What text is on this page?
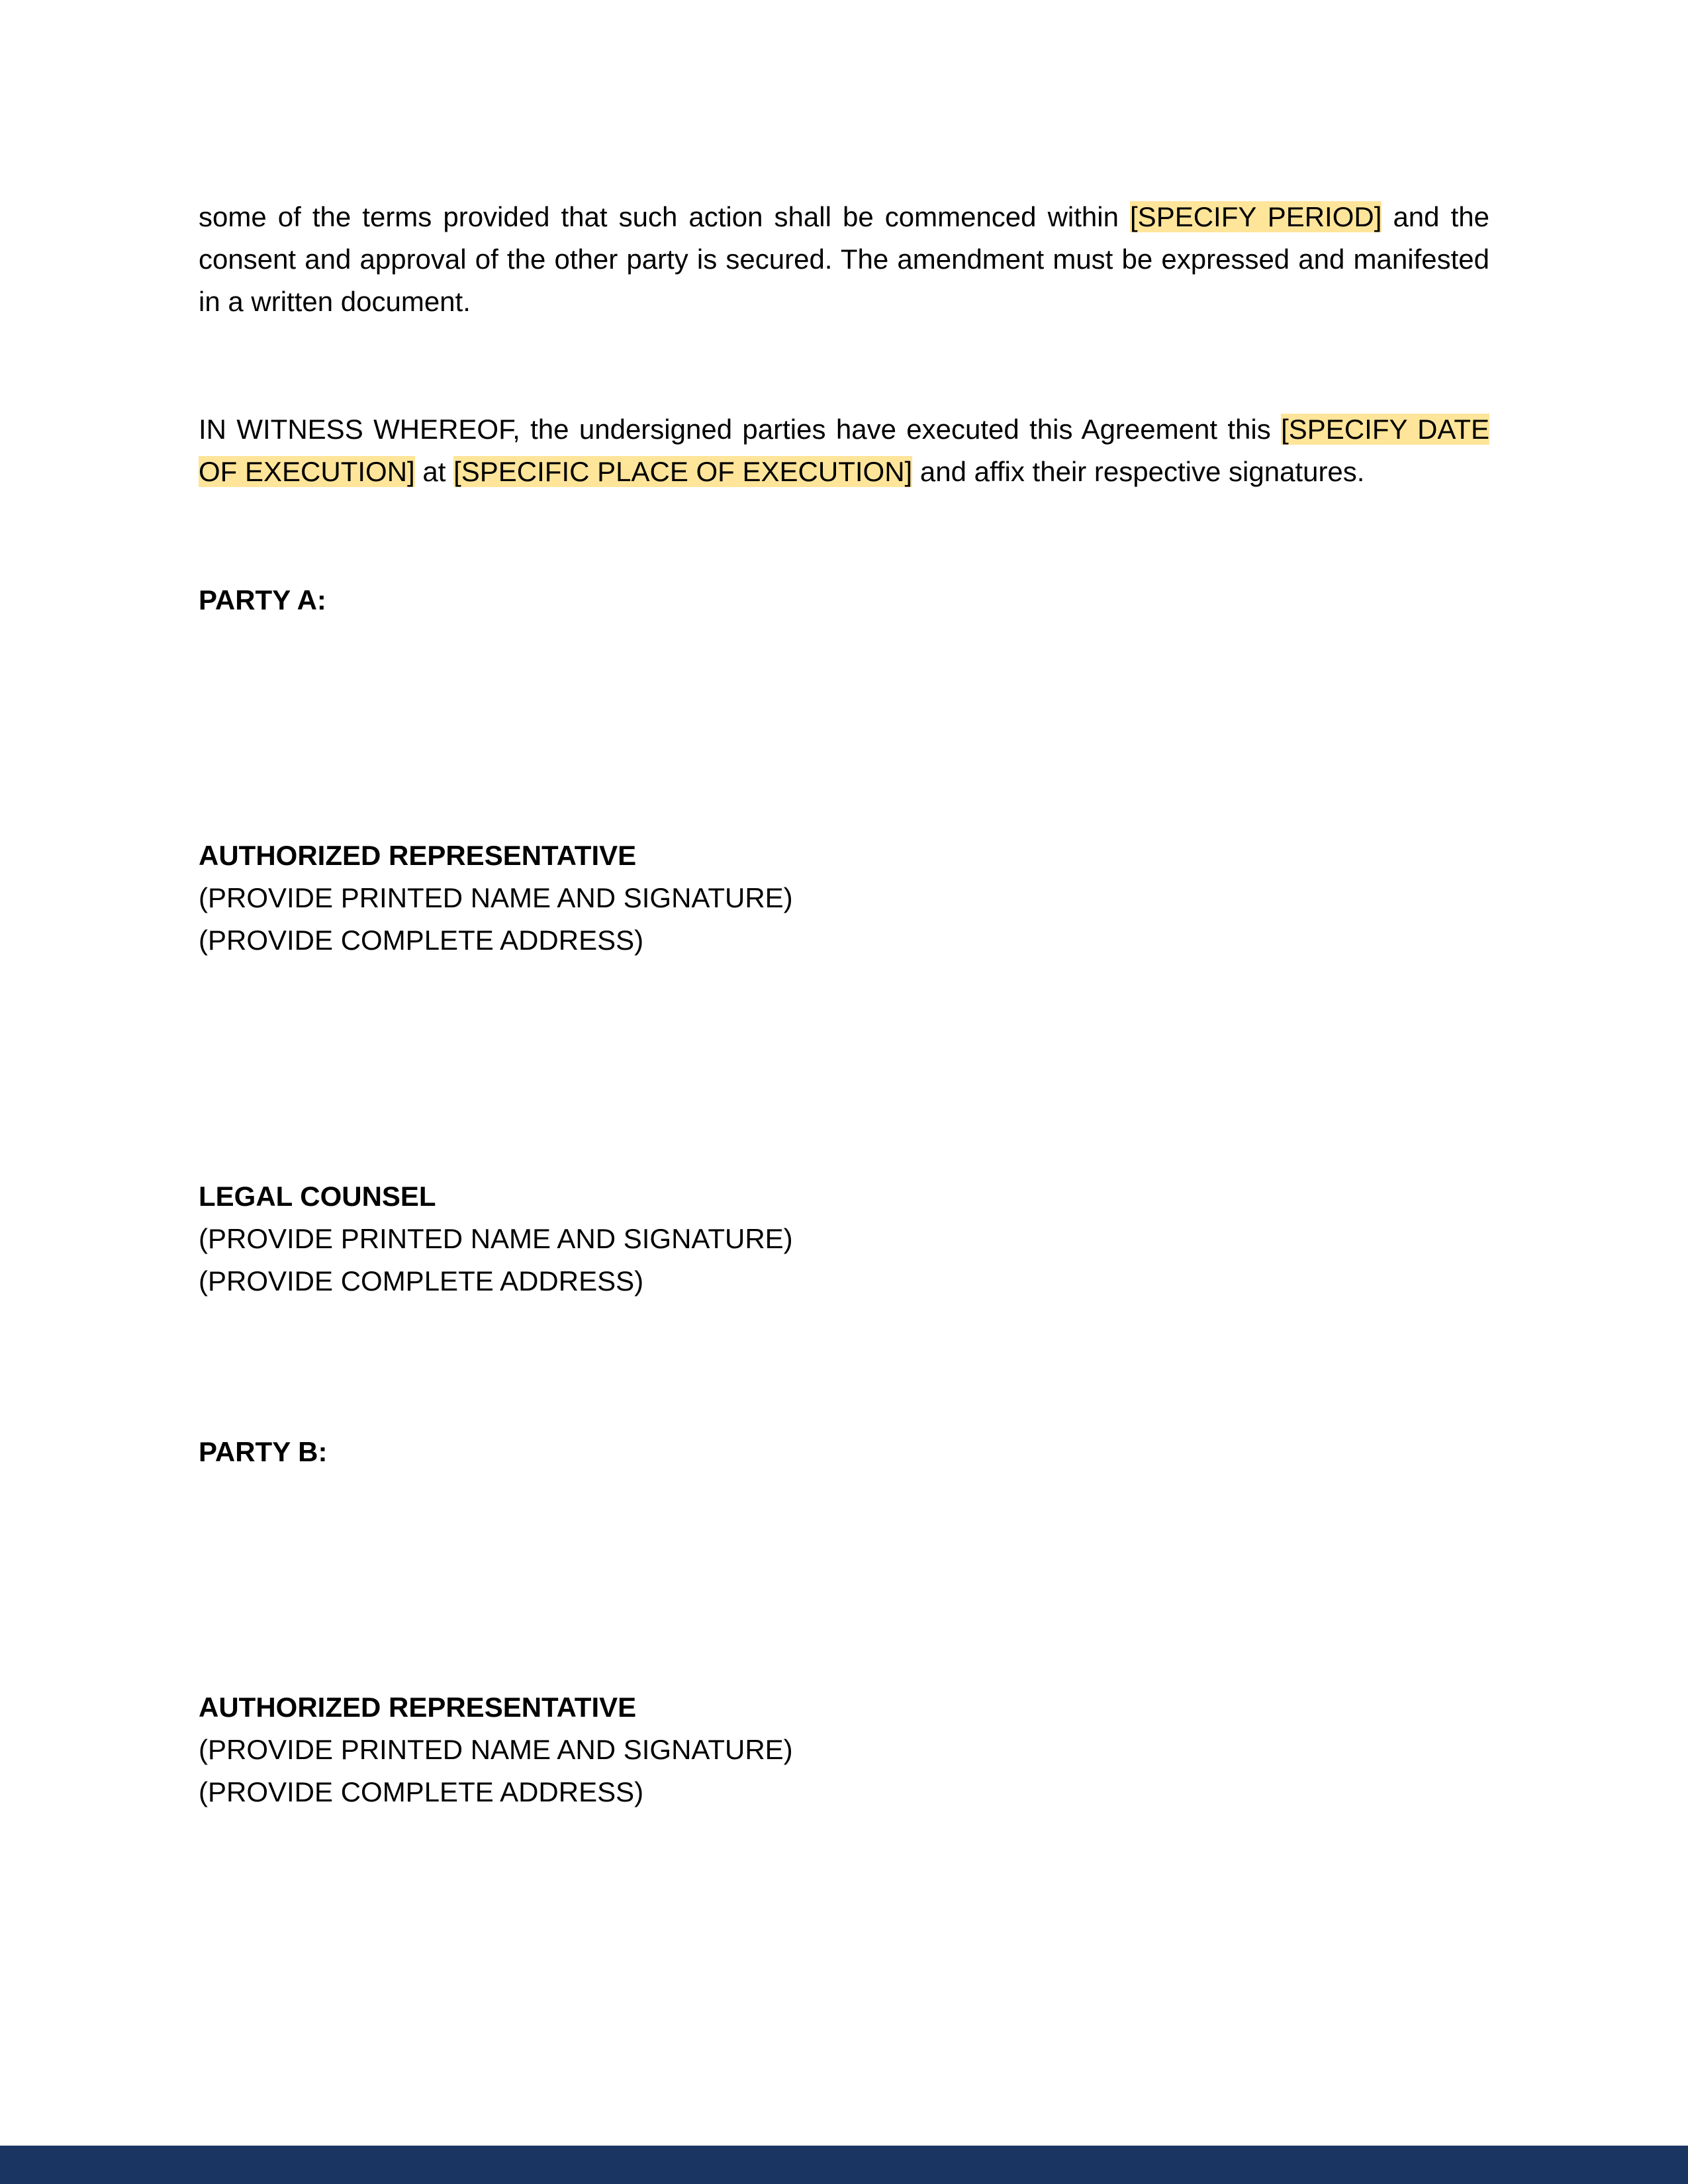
some of the terms provided that such action shall be commenced within [SPECIFY PERIOD] and the consent and approval of the other party is secured. The amendment must be expressed and manifested in a written document.

IN WITNESS WHEREOF, the undersigned parties have executed this Agreement this [SPECIFY DATE OF EXECUTION] at [SPECIFIC PLACE OF EXECUTION] and affix their respective signatures.

PARTY A:

AUTHORIZED REPRESENTATIVE

(PROVIDE PRINTED NAME AND SIGNATURE)

(PROVIDE COMPLETE ADDRESS)

LEGAL COUNSEL

(PROVIDE PRINTED NAME AND SIGNATURE)

(PROVIDE COMPLETE ADDRESS)

PARTY B:

AUTHORIZED REPRESENTATIVE

(PROVIDE PRINTED NAME AND SIGNATURE)

(PROVIDE COMPLETE ADDRESS)
